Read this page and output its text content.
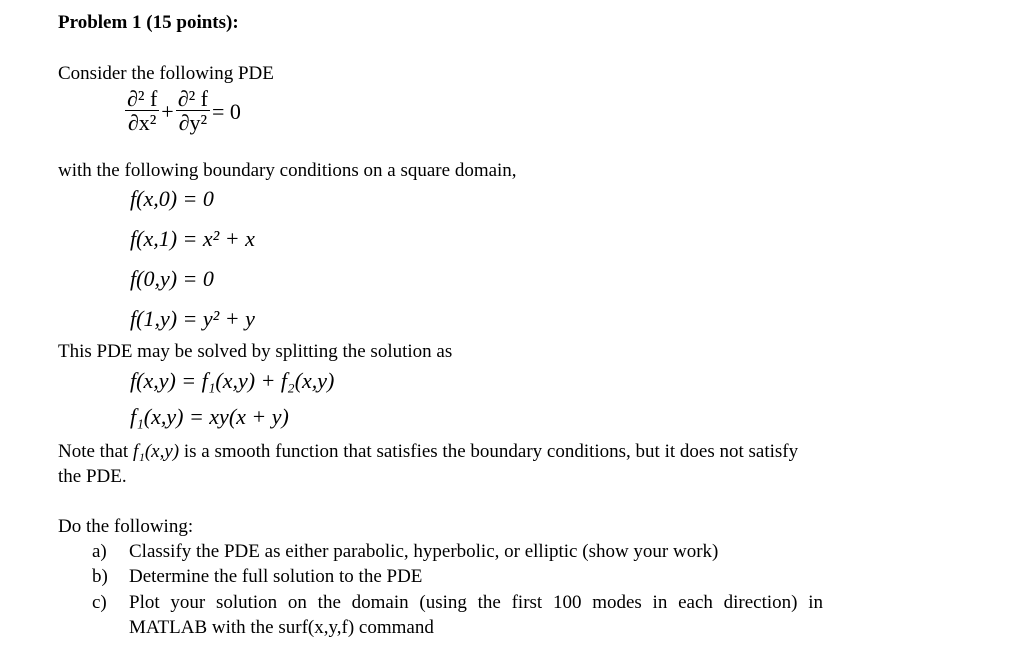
Problem 1 (15 points):
Consider the following PDE
$\frac{\text{∂² f}}{\text{∂x²}} + \frac{\text{∂² f}}{\text{∂y²}} = 0$
with the following boundary conditions on a square domain,
f(x,0) = 0
f(x,1) = x² + x
f(0,y) = 0
f(1,y) = y² + y
This PDE may be solved by splitting the solution as
f(x,y) = f₁(x,y) + f₂(x,y)
f₁(x,y) = xy(x + y)
Note that f₁(x,y) is a smooth function that satisfies the boundary conditions, but it does not satisfy
the PDE.
Do the following:
a) Classify the PDE as either parabolic, hyperbolic, or elliptic (show your work)
b) Determine the full solution to the PDE
c) Plot your solution on the domain (using the first 100 modes in each direction) in
MATLAB with the surf(x,y,f) command
